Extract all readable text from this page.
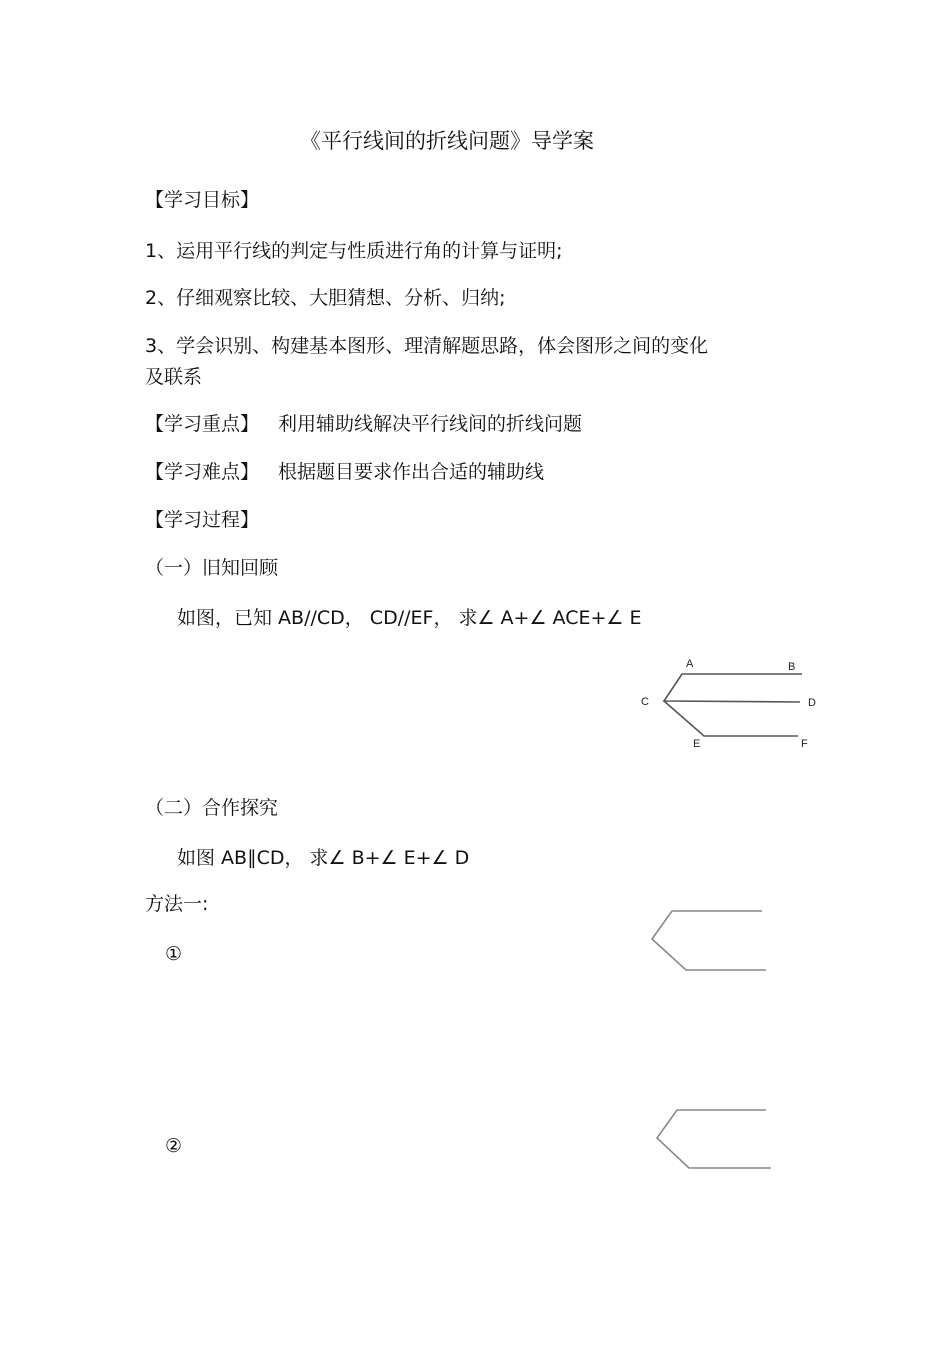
《平行线间的折线问题》导学案
【学习目标】
1、运用平行线的判定与性质进行角的计算与证明;
2、仔细观察比较、大胆猜想、分析、归纳;
3、学会识别、构建基本图形、理清解题思路，体会图形之间的变化
及联系
【学习重点】 利用辅助线解决平行线间的折线问题
【学习难点】 根据题目要求作出合适的辅助线
【学习过程】
（一）旧知回顾
如图，已知 AB//CD， CD//EF， 求∠ A+∠ ACE+∠ E
A	B
C	D
E	F
（二）合作探究
如图 AB∥CD， 求∠ B+∠ E+∠ D
方法一:
①
②
